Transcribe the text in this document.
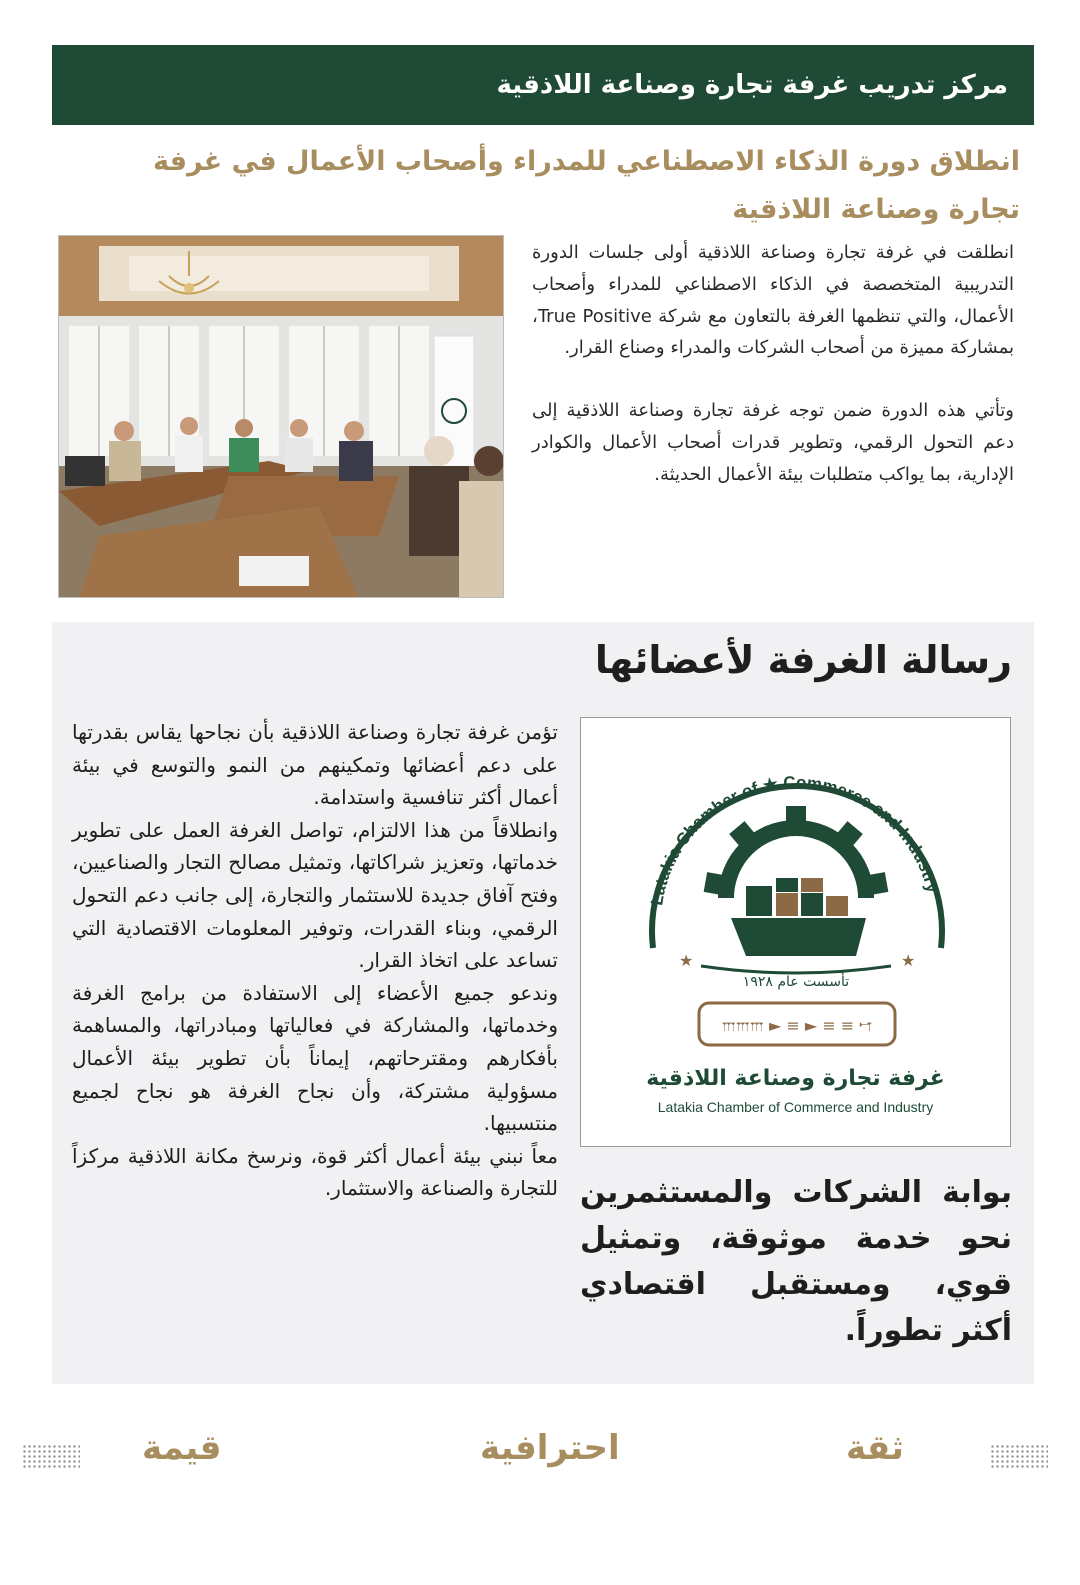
مركز تدريب غرفة تجارة وصناعة اللاذقية
انطلاق دورة الذكاء الاصطناعي للمدراء وأصحاب الأعمال في غرفة تجارة وصناعة اللاذقية

انطلقت في غرفة تجارة وصناعة اللاذقية أولى جلسات الدورة التدريبية المتخصصة في الذكاء الاصطناعي للمدراء وأصحاب الأعمال، والتي تنظمها الغرفة بالتعاون مع شركة True Positive، بمشاركة مميزة من أصحاب الشركات والمدراء وصناع القرار.

وتأتي هذه الدورة ضمن توجه غرفة تجارة وصناعة اللاذقية إلى دعم التحول الرقمي، وتطوير قدرات أصحاب الأعمال والكوادر الإدارية، بما يواكب متطلبات بيئة الأعمال الحديثة.

رسالة الغرفة لأعضائها

تؤمن غرفة تجارة وصناعة اللاذقية بأن نجاحها يقاس بقدرتها على دعم أعضائها وتمكينهم من النمو والتوسع في بيئة أعمال أكثر تنافسية واستدامة.

وانطلاقاً من هذا الالتزام، تواصل الغرفة العمل على تطوير خدماتها، وتعزيز شراكاتها، وتمثيل مصالح التجار والصناعيين، وفتح آفاق جديدة للاستثمار والتجارة، إلى جانب دعم التحول الرقمي، وبناء القدرات، وتوفير المعلومات الاقتصادية التي تساعد على اتخاذ القرار.

وندعو جميع الأعضاء إلى الاستفادة من برامج الغرفة وخدماتها، والمشاركة في فعالياتها ومبادراتها، والمساهمة بأفكارهم ومقترحاتهم، إيماناً بأن تطوير بيئة الأعمال مسؤولية مشتركة، وأن نجاح الغرفة هو نجاح لجميع منتسبيها.

معاً نبني بيئة أعمال أكثر قوة، ونرسخ مكانة اللاذقية مركزاً للتجارة والصناعة والاستثمار.

Latakia Chamber of ★ Commerce and Industry
★	★
تأسست عام ١٩٢٨
𐎍𐎍𐎍 ► ≡ ► ≡ ≡ 𐎎
غرفة تجارة وصناعة اللاذقية
Latakia Chamber of Commerce and Industry
بوابة الشركات والمستثمرين نحو خدمة موثوقة، وتمثيل قوي، ومستقبل اقتصادي أكثر تطوراً.
قيمة	احترافية	ثقة
